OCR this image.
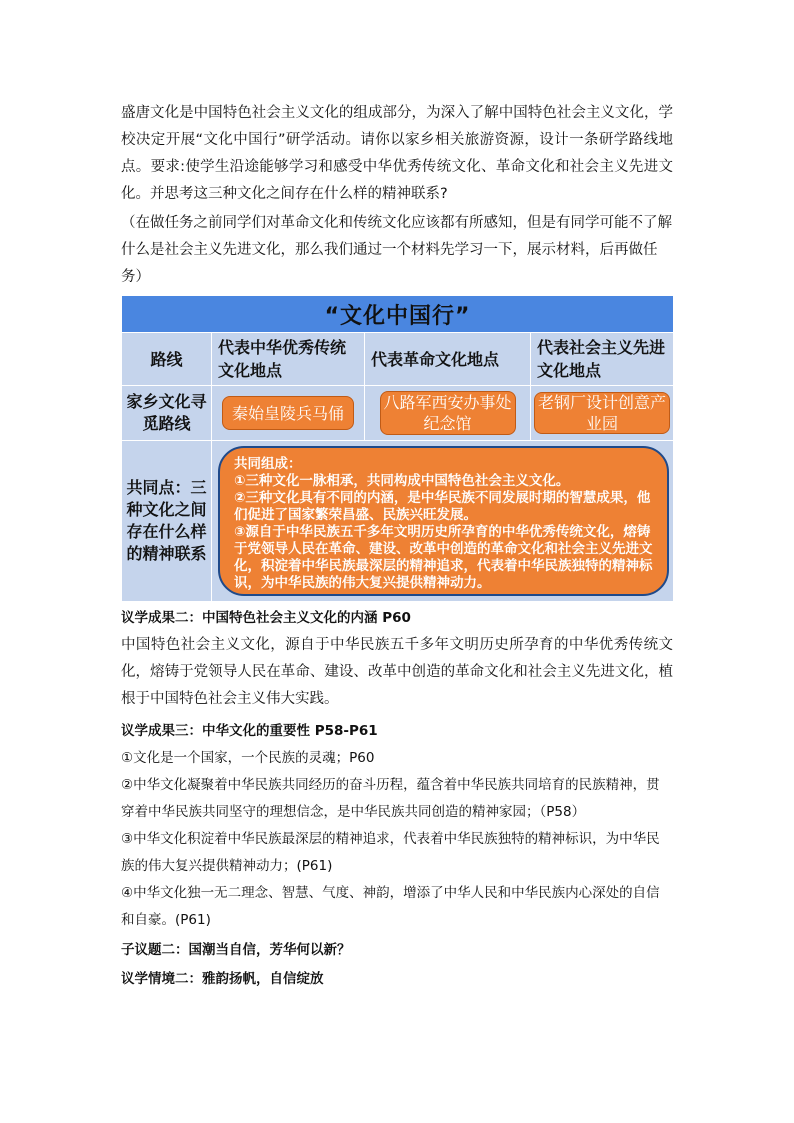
盛唐文化是中国特色社会主义文化的组成部分，为深入了解中国特色社会主义文化，学校决定开展“文化中国行”研学活动。请你以家乡相关旅游资源，设计一条研学路线地点。要求:使学生沿途能够学习和感受中华优秀传统文化、革命文化和社会主义先进文化。并思考这三种文化之间存在什么样的精神联系?

（在做任务之前同学们对革命文化和传统文化应该都有所感知，但是有同学可能不了解什么是社会主义先进文化，那么我们通过一个材料先学习一下，展示材料，后再做任务）

“文化中国行”			
路线	代表中华优秀传统文化地点	代表革命文化地点	代表社会主义先进文化地点
家乡文化寻觅路线	秦始皇陵兵马俑	八路军西安办事处纪念馆	老钢厂设计创意产业园

共同点：三种文化之间存在什么样的精神联系	共同组成：

①三种文化一脉相承，共同构成中国特色社会主义文化。

②三种文化具有不同的内涵，是中华民族不同发展时期的智慧成果，他们促进了国家繁荣昌盛、民族兴旺发展。

③源自于中华民族五千多年文明历史所孕育的中华优秀传统文化，熔铸于党领导人民在革命、建设、改革中创造的革命文化和社会主义先进文化，积淀着中华民族最深层的精神追求，代表着中华民族独特的精神标识，为中华民族的伟大复兴提供精神动力。		

议学成果二：中国特色社会主义文化的内涵 P60

中国特色社会主义文化，源自于中华民族五千多年文明历史所孕育的中华优秀传统文化，熔铸于党领导人民在革命、建设、改革中创造的革命文化和社会主义先进文化，植根于中国特色社会主义伟大实践。

议学成果三：中华文化的重要性 P58-P61

①文化是一个国家，一个民族的灵魂；P60

②中华文化凝聚着中华民族共同经历的奋斗历程，蕴含着中华民族共同培育的民族精神，贯穿着中华民族共同坚守的理想信念，是中华民族共同创造的精神家园；（P58）

③中华文化积淀着中华民族最深层的精神追求，代表着中华民族独特的精神标识，为中华民族的伟大复兴提供精神动力；(P61)

④中华文化独一无二理念、智慧、气度、神韵，增添了中华人民和中华民族内心深处的自信和自豪。(P61)

子议题二：国潮当自信，芳华何以新？

议学情境二：雅韵扬帆，自信绽放
